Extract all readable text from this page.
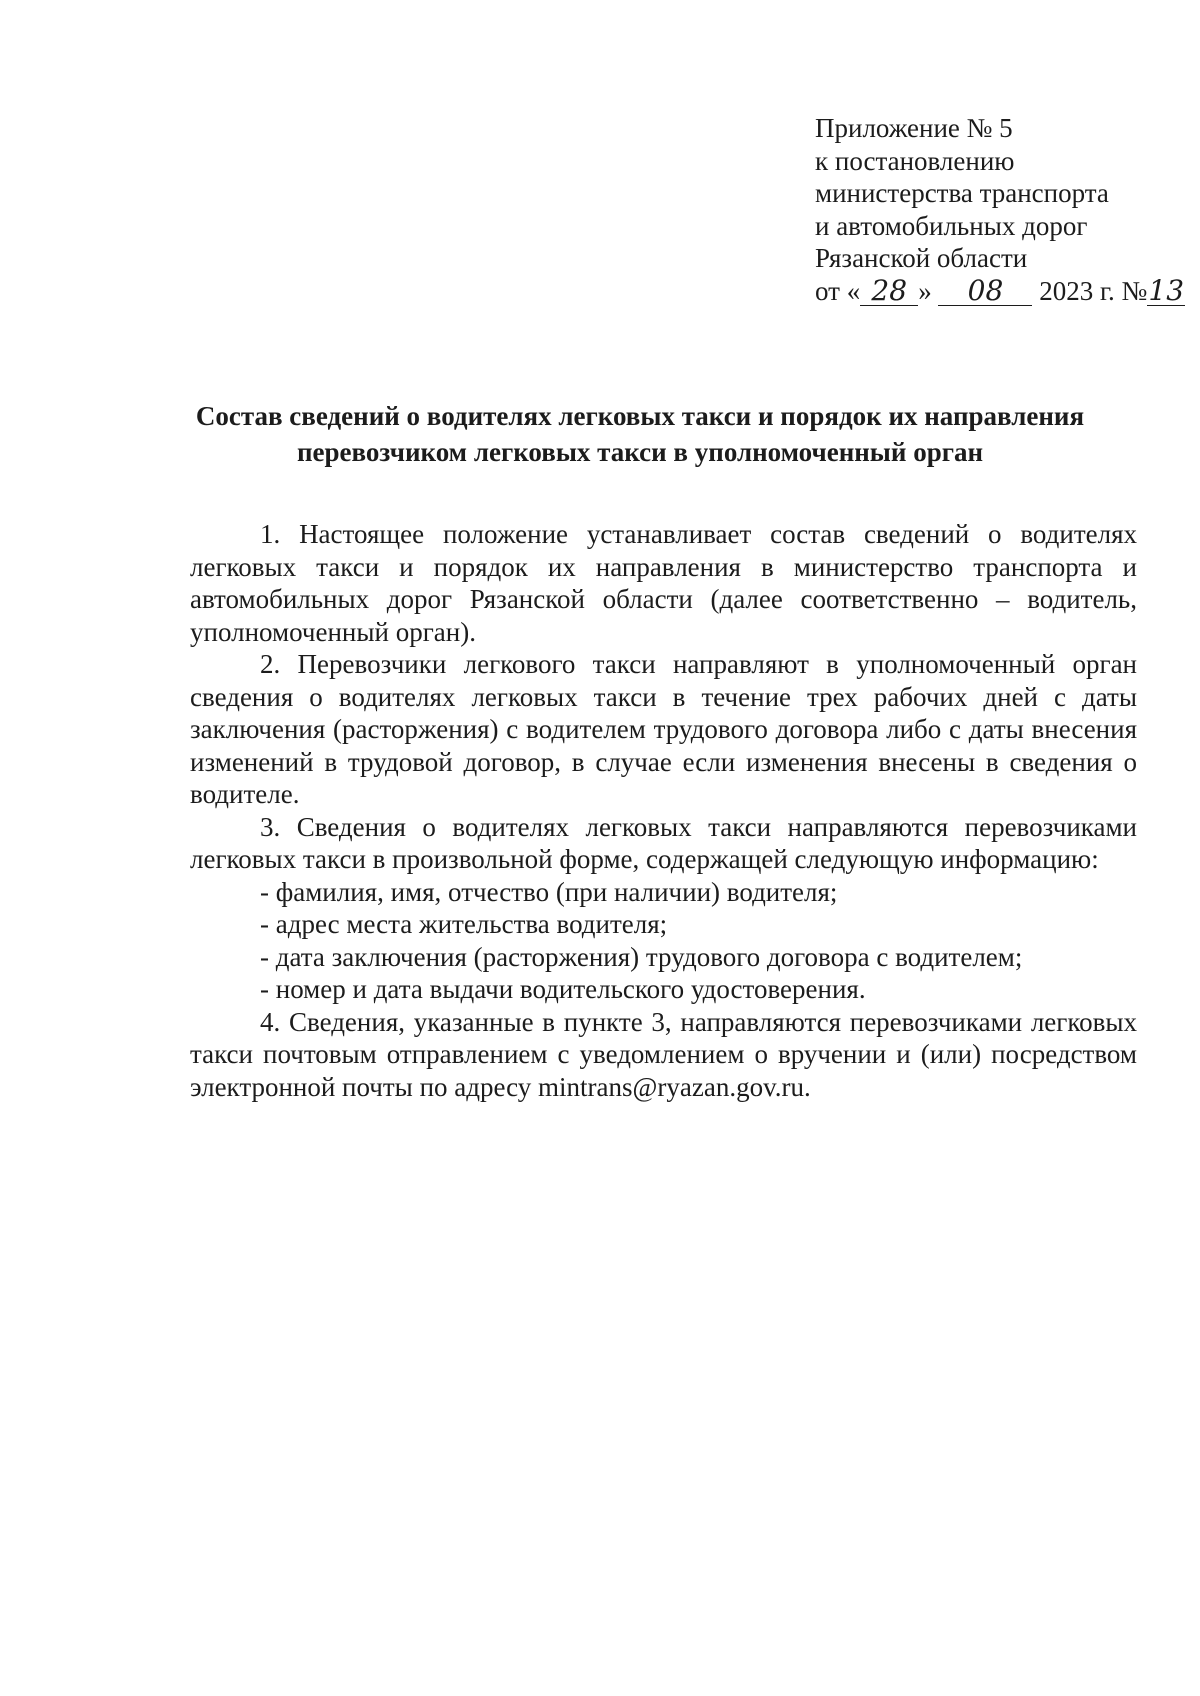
Приложение № 5
к постановлению
министерства транспорта
и автомобильных дорог
Рязанской области
от « 28 » 08 2023 г. №13
Состав сведений о водителях легковых такси и порядок их направления
перевозчиком легковых такси в уполномоченный орган

1. Настоящее положение устанавливает состав сведений о водителях легковых такси и порядок их направления в министерство транспорта и автомобильных дорог Рязанской области (далее соответственно – водитель, уполномоченный орган).

2. Перевозчики легкового такси направляют в уполномоченный орган сведения о водителях легковых такси в течение трех рабочих дней с даты заключения (расторжения) с водителем трудового договора либо с даты внесения изменений в трудовой договор, в случае если изменения внесены в сведения о водителе.

3. Сведения о водителях легковых такси направляются перевозчиками легковых такси в произвольной форме, содержащей следующую информацию:

- фамилия, имя, отчество (при наличии) водителя;
- адрес места жительства водителя;
- дата заключения (расторжения) трудового договора с водителем;
- номер и дата выдачи водительского удостоверения.

4. Сведения, указанные в пункте 3, направляются перевозчиками легковых такси почтовым отправлением с уведомлением о вручении и (или) посредством электронной почты по адресу mintrans@ryazan.gov.ru.
